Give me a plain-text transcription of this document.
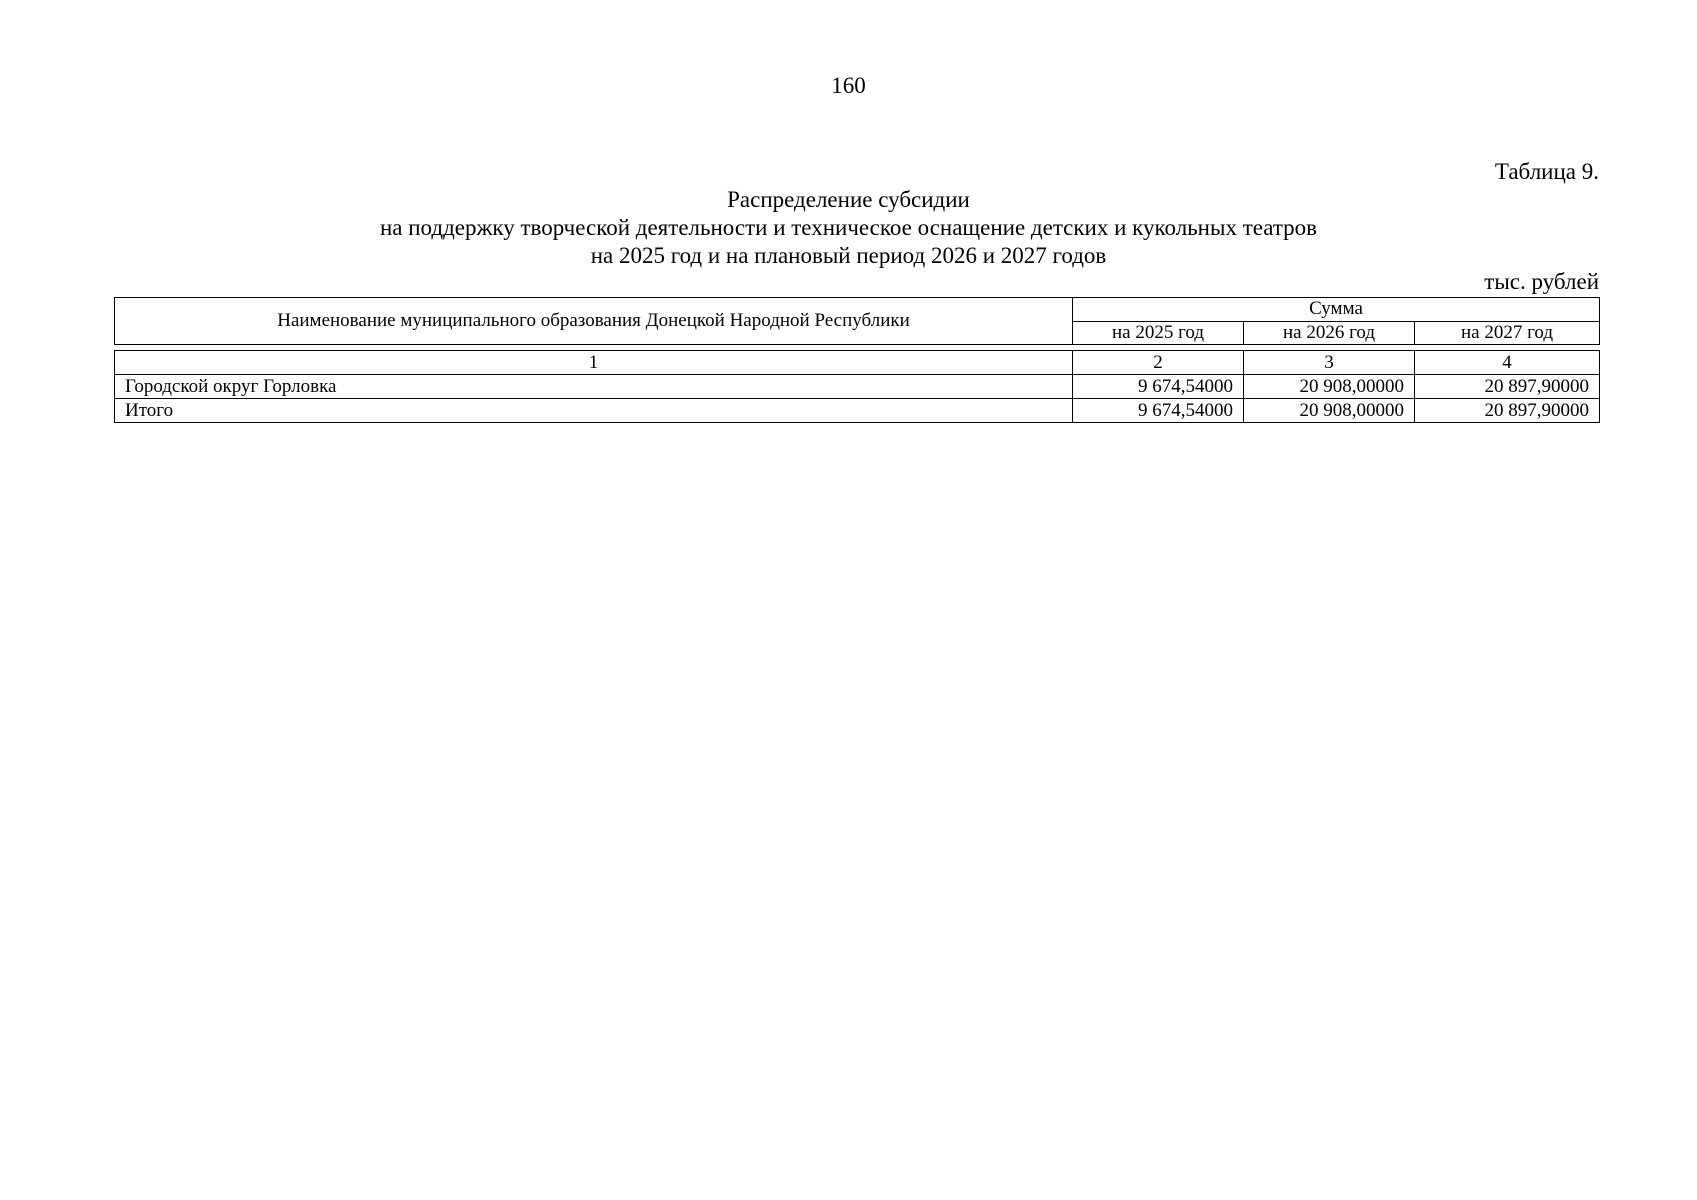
160
Таблица 9.
Распределение субсидии
на поддержку творческой деятельности и техническое оснащение детских и кукольных театров
на 2025 год и на плановый период 2026 и 2027 годов
тыс. рублей
Наименование муниципального образования Донецкой Народной Республики	Сумма		
	на 2025 год	на 2026 год	на 2027 год
1	2	3	4
Городской округ Горловка	9 674,54000	20 908,00000	20 897,90000
Итого	9 674,54000	20 908,00000	20 897,90000
